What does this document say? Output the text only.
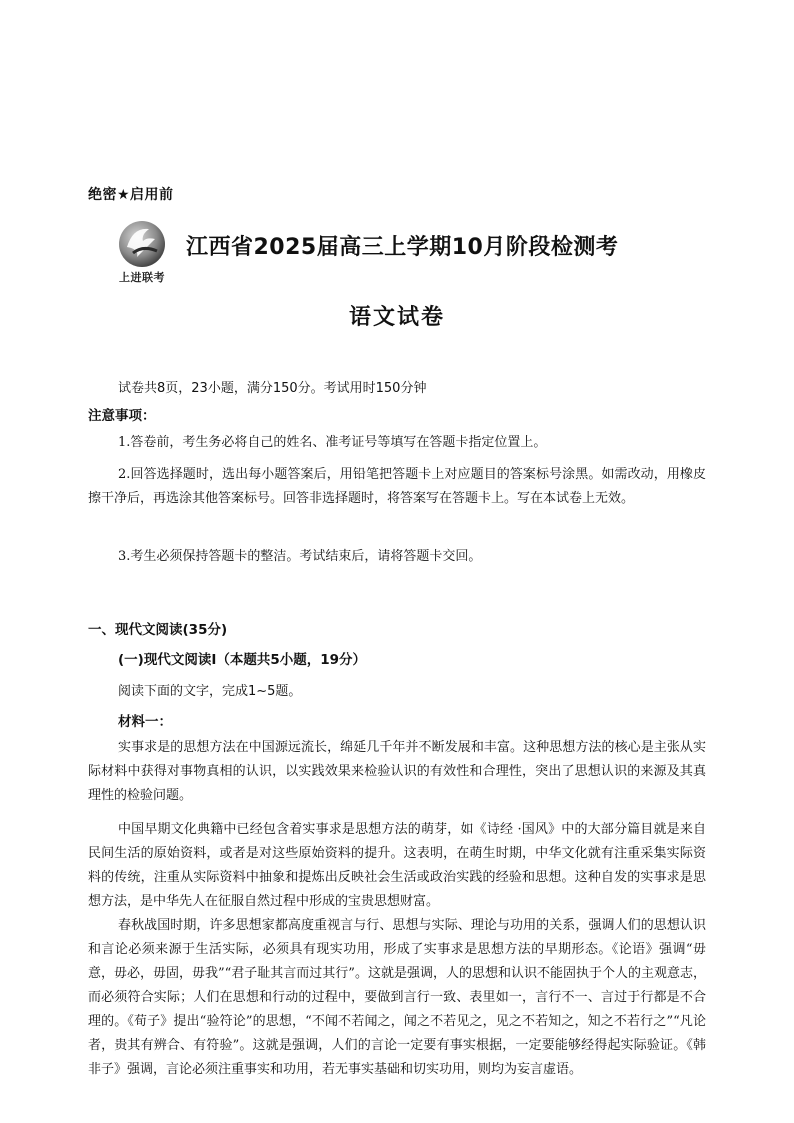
绝密★启用前
上进联考
江西省2025届高三上学期10月阶段检测考
语文试卷
试卷共8页，23小题，满分150分。考试用时150分钟
注意事项：

1.答卷前，考生务必将自己的姓名、准考证号等填写在答题卡指定位置上。

2.回答选择题时，选出每小题答案后，用铅笔把答题卡上对应题目的答案标号涂黑。如需改动，用橡皮擦干净后，再选涂其他答案标号。回答非选择题时，将答案写在答题卡上。写在本试卷上无效。

3.考生必须保持答题卡的整洁。考试结束后，请将答题卡交回。

一、现代文阅读(35分)
(一)现代文阅读I（本题共5小题，19分）
阅读下面的文字，完成1~5题。
材料一：

实事求是的思想方法在中国源远流长，绵延几千年并不断发展和丰富。这种思想方法的核心是主张从实际材料中获得对事物真相的认识，以实践效果来检验认识的有效性和合理性，突出了思想认识的来源及其真理性的检验问题。

中国早期文化典籍中已经包含着实事求是思想方法的萌芽，如《诗经 ·国风》中的大部分篇目就是来自民间生活的原始资料，或者是对这些原始资料的提升。这表明，在萌生时期，中华文化就有注重采集实际资料的传统，注重从实际资料中抽象和提炼出反映社会生活或政治实践的经验和思想。这种自发的实事求是思想方法，是中华先人在征服自然过程中形成的宝贵思想财富。

春秋战国时期，许多思想家都高度重视言与行、思想与实际、理论与功用的关系，强调人们的思想认识和言论必须来源于生活实际，必须具有现实功用，形成了实事求是思想方法的早期形态。《论语》强调“毋意，毋必，毋固，毋我”“君子耻其言而过其行”。这就是强调，人的思想和认识不能固执于个人的主观意志，而必须符合实际；人们在思想和行动的过程中，要做到言行一致、表里如一，言行不一、言过于行都是不合理的。《荀子》提出“验符论”的思想，“不闻不若闻之，闻之不若见之，见之不若知之，知之不若行之”“凡论者，贵其有辨合、有符验”。这就是强调，人们的言论一定要有事实根据，一定要能够经得起实际验证。《韩非子》强调，言论必须注重事实和功用，若无事实基础和切实功用，则均为妄言虚语。
